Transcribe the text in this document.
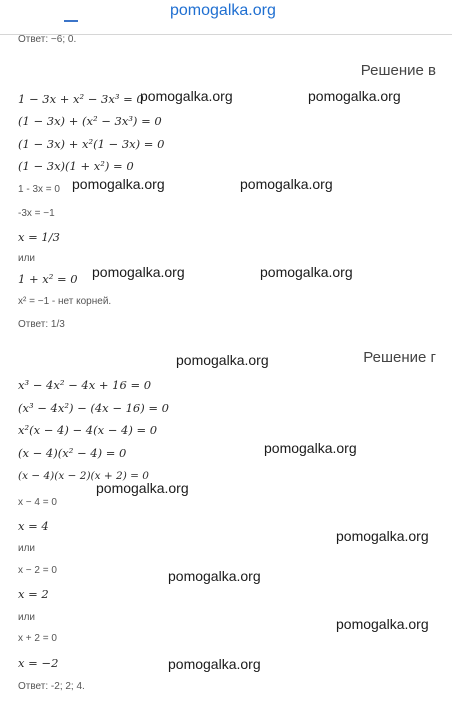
pomogalka.org
Ответ: −6; 0.
Решение в
1 − 3x + x² − 3x³ = 0
(1 − 3x) + (x² − 3x³) = 0
(1 − 3x) + x²(1 − 3x) = 0
(1 − 3x)(1 + x²) = 0
1 - 3x = 0
-3x = −1
x = 1/3
или
1 + x² = 0
x² = −1 - нет корней.
Ответ: 1/3
Решение г
x³ − 4x² − 4x + 16 = 0
(x³ − 4x²) − (4x − 16) = 0
x²(x − 4) − 4(x − 4) = 0
(x − 4)(x² − 4) = 0
(x − 4)(x − 2)(x + 2) = 0
x − 4 = 0
x = 4
или
x − 2 = 0
x = 2
или
x + 2 = 0
x = −2
Ответ: -2; 2; 4.
pomogalka.org	pomogalka.org
pomogalka.org	pomogalka.org
pomogalka.org	pomogalka.org
pomogalka.org
pomogalka.org
pomogalka.org
pomogalka.org
pomogalka.org
pomogalka.org
pomogalka.org
